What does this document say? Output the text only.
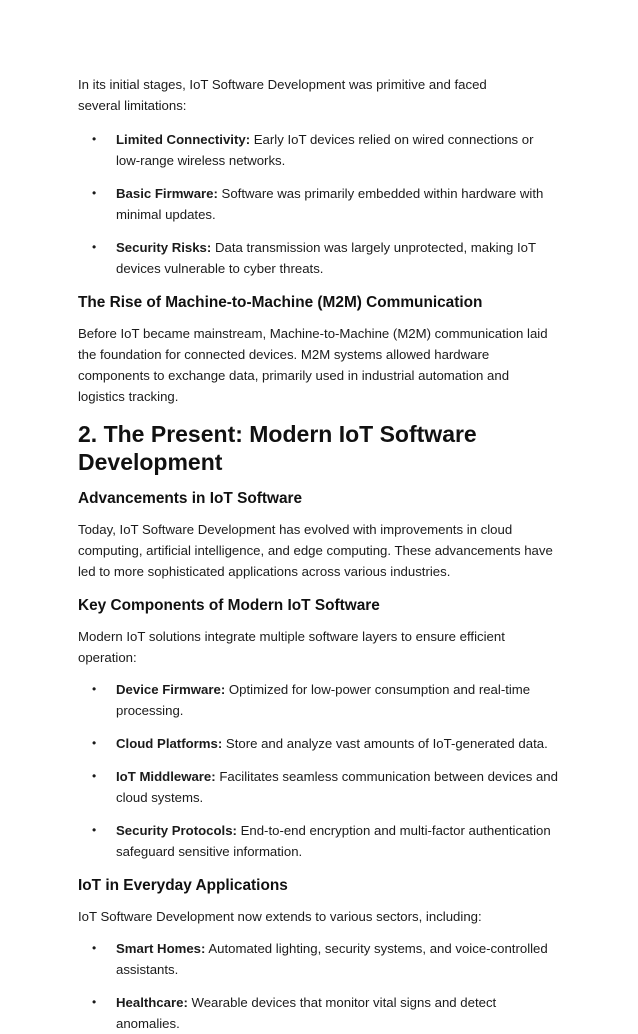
In its initial stages, IoT Software Development was primitive and faced several limitations:

• Limited Connectivity: Early IoT devices relied on wired connections or low-range wireless networks.
• Basic Firmware: Software was primarily embedded within hardware with minimal updates.
• Security Risks: Data transmission was largely unprotected, making IoT devices vulnerable to cyber threats.
The Rise of Machine-to-Machine (M2M) Communication

Before IoT became mainstream, Machine-to-Machine (M2M) communication laid the foundation for connected devices. M2M systems allowed hardware components to exchange data, primarily used in industrial automation and logistics tracking.

2. The Present: Modern IoT Software Development
Advancements in IoT Software

Today, IoT Software Development has evolved with improvements in cloud computing, artificial intelligence, and edge computing. These advancements have led to more sophisticated applications across various industries.

Key Components of Modern IoT Software

Modern IoT solutions integrate multiple software layers to ensure efficient operation:

• Device Firmware: Optimized for low-power consumption and real-time processing.
• Cloud Platforms: Store and analyze vast amounts of IoT-generated data.
• IoT Middleware: Facilitates seamless communication between devices and cloud systems.
• Security Protocols: End-to-end encryption and multi-factor authentication safeguard sensitive information.
IoT in Everyday Applications

IoT Software Development now extends to various sectors, including:

• Smart Homes: Automated lighting, security systems, and voice-controlled assistants.
• Healthcare: Wearable devices that monitor vital signs and detect anomalies.
